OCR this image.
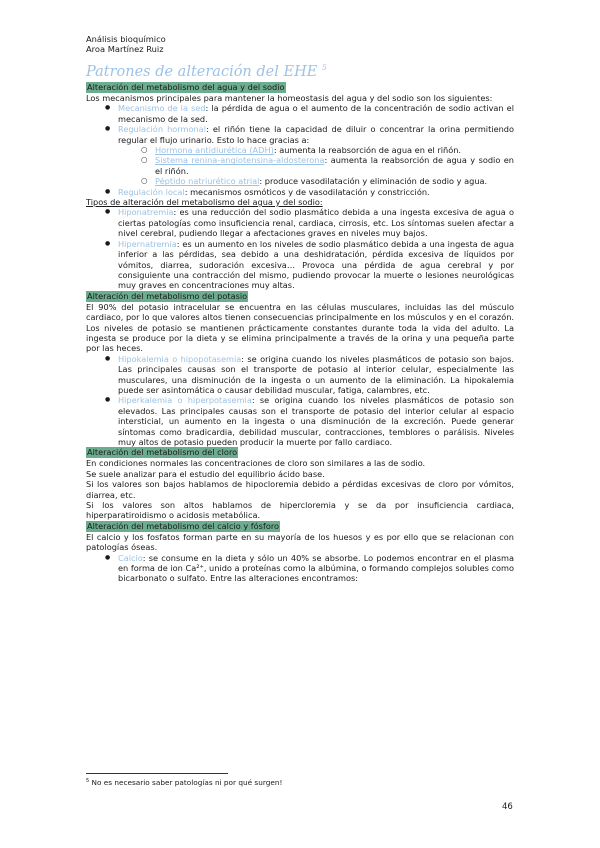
Análisis bioquímico
Aroa Martínez Ruiz
Patrones de alteración del EHE $^5$
Alteración del metabolismo del agua y del sodio
Los mecanismos principales para mantener la homeostasis del agua y del sodio son los siguientes:
● Mecanismo de la sed: la pérdida de agua o el aumento de la concentración de sodio activan el mecanismo de la sed.
● Regulación hormonal: el riñón tiene la capacidad de diluir o concentrar la orina permitiendo regular el flujo urinario. Esto lo hace gracias a:
○ Hormona antidiurética (ADH): aumenta la reabsorción de agua en el riñón.
○ Sistema renina-angiotensina-aldosterona: aumenta la reabsorción de agua y sodio en el riñón.
○ Péptido natriurético atrial: produce vasodilatación y eliminación de sodio y agua.
● Regulación local: mecanismos osmóticos y de vasodilatación y constricción.
Tipos de alteración del metabolismo del agua y del sodio:
● Hiponatremia: es una reducción del sodio plasmático debida a una ingesta excesiva de agua o ciertas patologías como insuficiencia renal, cardiaca, cirrosis, etc. Los síntomas suelen afectar a nivel cerebral, pudiendo llegar a afectaciones graves en niveles muy bajos.
● Hipernatremia: es un aumento en los niveles de sodio plasmático debida a una ingesta de agua inferior a las pérdidas, sea debido a una deshidratación, pérdida excesiva de líquidos por vómitos, diarrea, sudoración excesiva… Provoca una pérdida de agua cerebral y por consiguiente una contracción del mismo, pudiendo provocar la muerte o lesiones neurológicas muy graves en concentraciones muy altas.
Alteración del metabolismo del potasio
El 90% del potasio intracelular se encuentra en las células musculares, incluidas las del músculo cardiaco, por lo que valores altos tienen consecuencias principalmente en los músculos y en el corazón. Los niveles de potasio se mantienen prácticamente constantes durante toda la vida del adulto. La ingesta se produce por la dieta y se elimina principalmente a través de la orina y una pequeña parte por las heces.
● Hipokalemia o hipopotasemia: se origina cuando los niveles plasmáticos de potasio son bajos. Las principales causas son el transporte de potasio al interior celular, especialmente las musculares, una disminución de la ingesta o un aumento de la eliminación. La hipokalemia puede ser asintomática o causar debilidad muscular, fatiga, calambres, etc.
● Hiperkalemia o hiperpotasemia: se origina cuando los niveles plasmáticos de potasio son elevados. Las principales causas son el transporte de potasio del interior celular al espacio intersticial, un aumento en la ingesta o una disminución de la excreción. Puede generar síntomas como bradicardia, debilidad muscular, contracciones, temblores o parálisis. Niveles muy altos de potasio pueden producir la muerte por fallo cardiaco.
Alteración del metabolismo del cloro
En condiciones normales las concentraciones de cloro son similares a las de sodio.
Se suele analizar para el estudio del equilibrio ácido base.
Si los valores son bajos hablamos de hipocloremia debido a pérdidas excesivas de cloro por vómitos, diarrea, etc.
Si los valores son altos hablamos de hipercloremia y se da por insuficiencia cardiaca, hiperparatiroidismo o acidosis metabólica.
Alteración del metabolismo del calcio y fósforo
El calcio y los fosfatos forman parte en su mayoría de los huesos y es por ello que se relacionan con patologías óseas.
● Calcio: se consume en la dieta y sólo un 40% se absorbe. Lo podemos encontrar en el plasma en forma de ion Ca²⁺, unido a proteínas como la albúmina, o formando complejos solubles como bicarbonato o sulfato. Entre las alteraciones encontramos:
$^5$ No es necesario saber patologías ni por qué surgen!
46
